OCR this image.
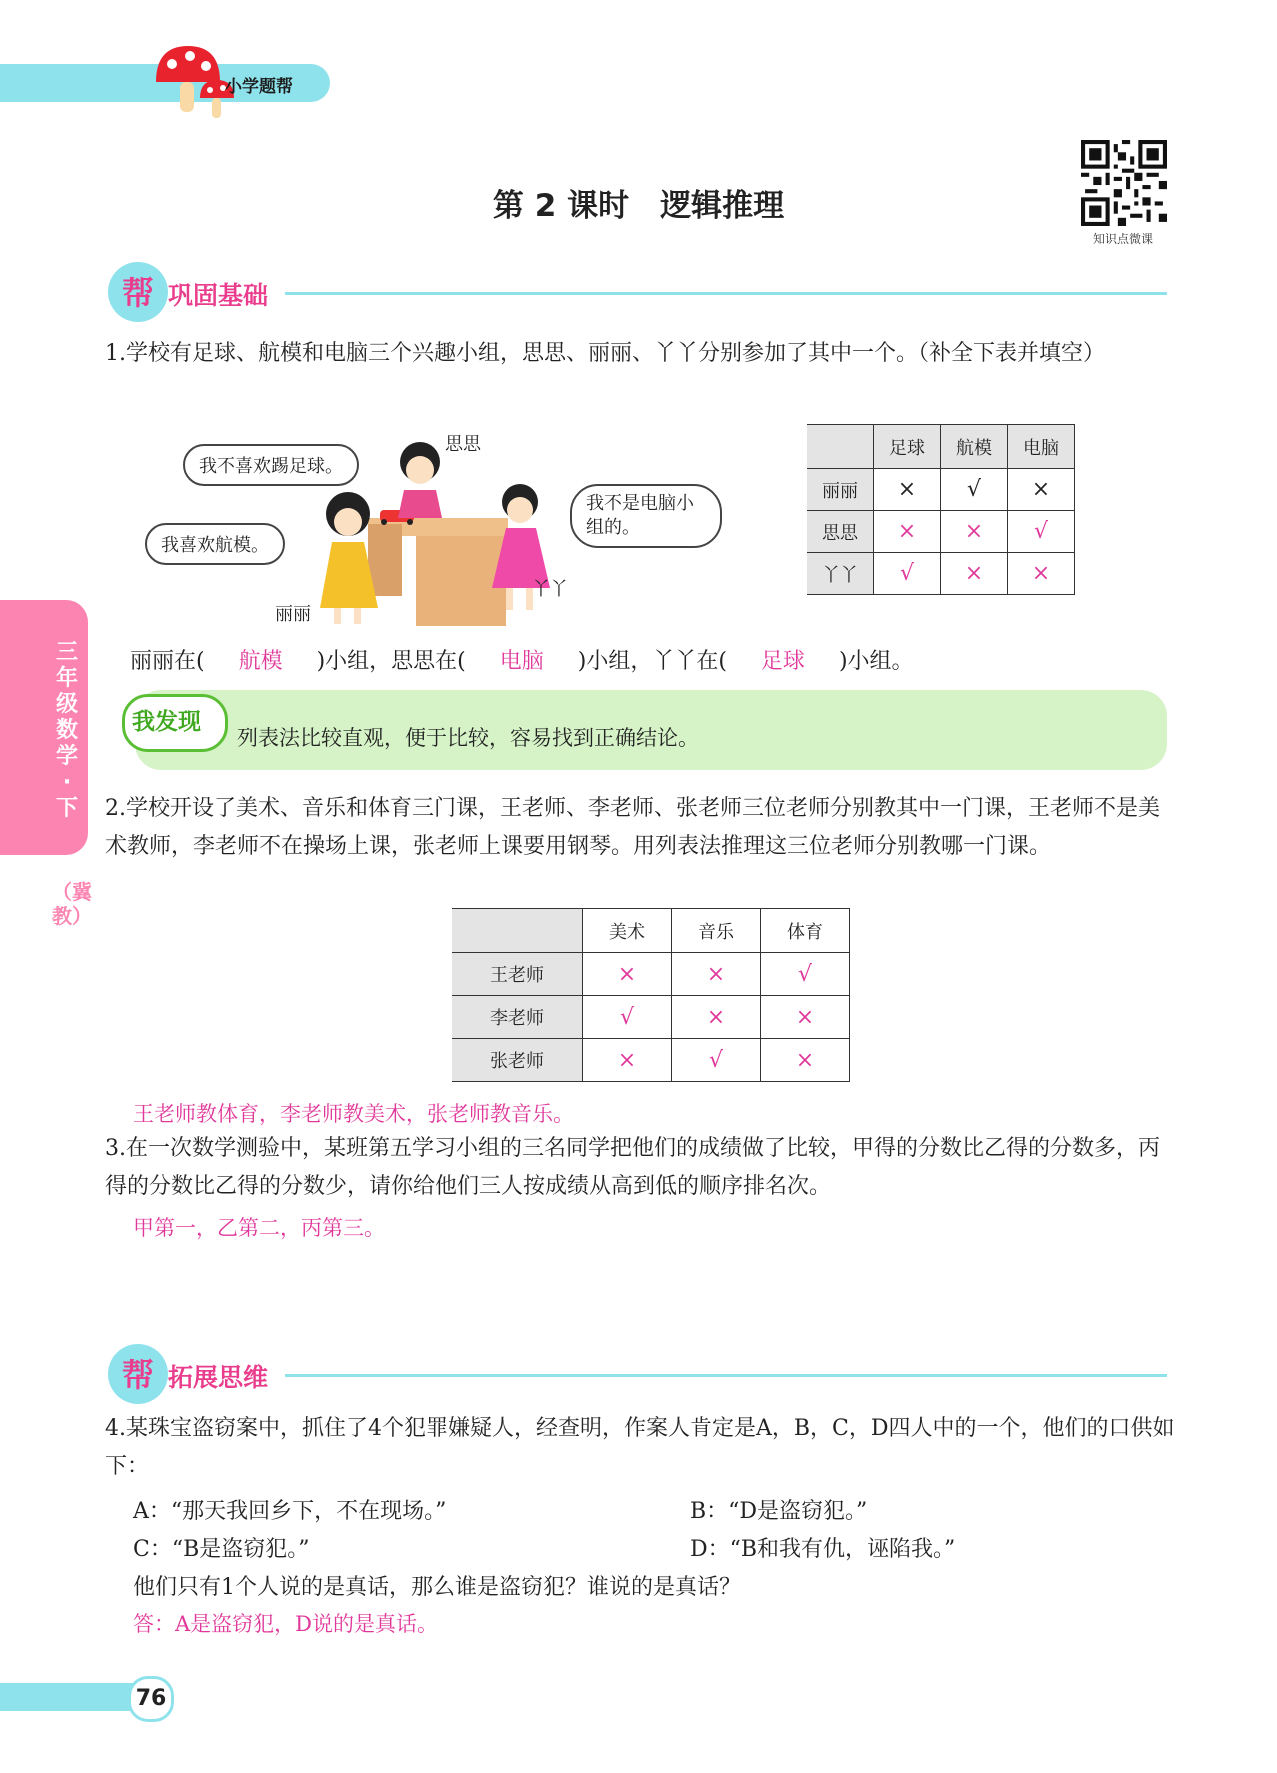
小学题帮
第 2 课时　逻辑推理
知识点微课
帮 巩固基础
三年级数学·下
（冀教）
1.学校有足球、航模和电脑三个兴趣小组，思思、丽丽、丫丫分别参加了其中一个。（补全下表并填空）
我不喜欢踢足球。
思思
我喜欢航模。
丽丽
我不是电脑小组的。
丫丫
	足球	航模	电脑
丽丽	×	√	×
思思	×	×	√
丫丫	√	×	×
丽丽在( 航模 )小组，思思在( 电脑 )小组，丫丫在( 足球 )小组。
我发现
列表法比较直观，便于比较，容易找到正确结论。
2.学校开设了美术、音乐和体育三门课，王老师、李老师、张老师三位老师分别教其中一门课，王老师不是美术教师，李老师不在操场上课，张老师上课要用钢琴。用列表法推理这三位老师分别教哪一门课。
	美术	音乐	体育
王老师	×	×	√
李老师	√	×	×
张老师	×	√	×
王老师教体育，李老师教美术，张老师教音乐。
3.在一次数学测验中，某班第五学习小组的三名同学把他们的成绩做了比较，甲得的分数比乙得的分数多，丙得的分数比乙得的分数少，请你给他们三人按成绩从高到低的顺序排名次。
甲第一，乙第二，丙第三。
帮 拓展思维
4.某珠宝盗窃案中，抓住了4个犯罪嫌疑人，经查明，作案人肯定是A，B，C，D四人中的一个，他们的口供如下：
A：“那天我回乡下，不在现场。”	B：“D是盗窃犯。”
C：“B是盗窃犯。”	D：“B和我有仇，诬陷我。”
他们只有1个人说的是真话，那么谁是盗窃犯？谁说的是真话？
答：A是盗窃犯，D说的是真话。
76
